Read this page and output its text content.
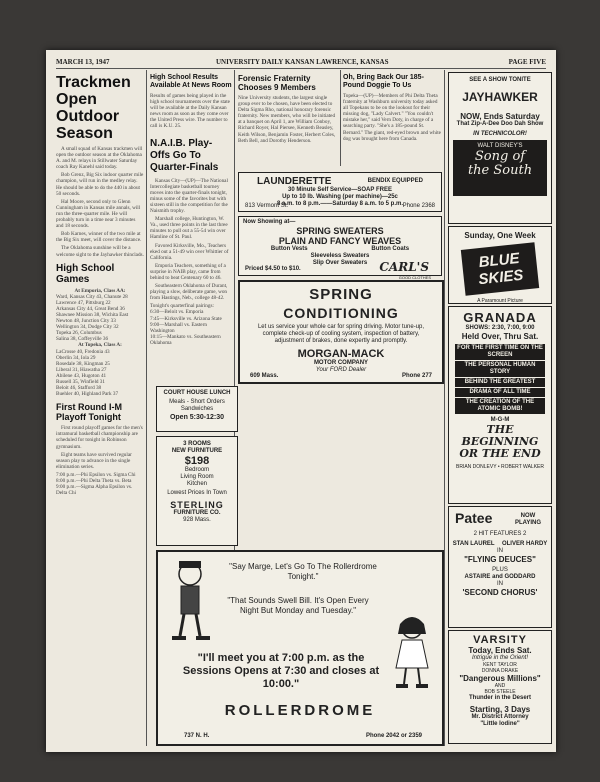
MARCH 13, 1947	UNIVERSITY DAILY KANSAN LAWRENCE, KANSAS	PAGE FIVE
Trackmen Open Outdoor Season

A small squad of Kansas trackmen will open the outdoor season at the Oklahoma A. and M. relays in Stillwater Saturday coach Ray Kanehl said today.

Bob Grenz, Big Six indoor quarter mile champion, will run in the medley relay. He should be able to do the 440 in about 50 seconds.

Hal Moore, second only to Glenn Cunningham in Kansas mile annals, will run the three-quarter mile. He will probably turn in a time near 3 minutes and 18 seconds.

Bob Karnes, winner of the two mile at the Big Six meet, will cover the distance.

The Oklahoma sunshine will be a welcome sight to the Jayhawker thinclads.

High School Games
At Emporia, Class AA:
Ward, Kansas City 43, Chanute 28
Lawrence 47, Pittsburg 22
Arkansas City 44, Great Bend 36
Shawnee Mission 38, Wichita East
Newton 48, Junction City 33
Wellington 34, Dodge City 32
Topeka 26, Columbus
Salina 38, Coffeyville 36
At Topeka, Class A:
LaCrosse 40, Fredonia 43
Oberlin 34, Iola 29
Rosedale 38, Kingman 25
Liberal 31, Hiawatha 27
Abilene 43, Hugoton 41
Russell 35, Winfield 31
Beloit 46, Stafford 38
Buehler 40, Highland Park 37
First Round I-M Playoff Tonight

First round playoff games for the men's intramural basketball championship are scheduled for tonight in Robinson gymnasium.

Eight teams have survived regular season play to advance in the single elimination series.

7:00 p.m.—Phi Epsilon vs. Sigma Chi
8:00 p.m.—Phi Delta Theta vs. Beta
9:00 p.m.—Sigma Alpha Epsilon vs. Delta Chi
High School Results Available At News Room
Results of games being played in the high school tournaments over the state will be available at the Daily Kansan news room as soon as they come over the United Press wire. The number to call is K.U. 25.
N.A.I.B. Play-Offs Go To Quarter-Finals

Kansas City—(UP)—The National Intercollegiate basketball tourney moves into the quarter-finals tonight, minus some of the favorites but with sixteen still in the competition for the Naismith trophy.

Marshall college, Huntington, W. Va., used three points in the last three minutes to pull out a 55-54 win over Hamline of St. Paul.

Favored Kirksville, Mo., Teachers eked out a 51-49 win over Whittier of California.

Emporia Teachers, something of a surprise in NAIB play, came from behind to beat Centenary 60 to 46.

Southeastern Oklahoma of Durant, playing a slow, deliberate game, won from Hastings, Neb., college 48-42.

Tonight's quarterfinal pairings:
6:30—Beloit vs. Emporia
7:45—Kirksville vs. Arizona State
9:00—Marshall vs. Eastern Washington
10:15—Mankato vs. Southeastern Oklahoma
Forensic Fraternity Chooses 9 Members
Nine University students, the largest single group ever to be chosen, have been elected to Delta Sigma Rho, national honorary forensic fraternity. New members, who will be initiated at a banquet on April 1, are William Conboy, Richard Royer, Hal Piersee, Kenneth Beasley, Keith Wilson, Benjamin Foster, Herbert Coles, Beth Bell, and Dorothy Henderson.
Oh, Bring Back Our 185-Pound Doggie To Us
Topeka—(UP)—Members of Phi Delta Theta fraternity at Washburn university today asked all Topekans to be on the lookout for their missing dog, "Lady Calvert." "You couldn't mistake her," said Vern Doty, in charge of a searching party. "She's a 185-pound St. Bernard." The giant, red-eyed brown and white dog was brought here from Canada.
LAUNDERETTE	BENDIX EQUIPPED
30 Minute Self Service—SOAP FREE
Up to 10 lb. Washing (per machine)—25c
8 a.m. to 8 p.m.——Saturday 8 a.m. to 5 p.m.
813 Vermont St.	Phone 2368
Now Showing at—
SPRING SWEATERS
PLAIN AND FANCY WEAVES
Button Vests	Button Coats
Sleeveless Sweaters
Slip Over Sweaters
Priced $4.50 to $10.	CARL'S
GOOD CLOTHES
SPRING
CONDITIONING
Let us service your whole car for spring driving. Motor tune-up, complete check-up of cooling system, inspection of battery, adjustment of brakes, done expertly and promptly.
MORGAN-MACK
MOTOR COMPANY
Your FORD Dealer
609 Mass.	Phone 277
COURT HOUSE LUNCH
Meals - Short Orders
Sandwiches
Open 5:30-12:30
3 ROOMS
NEW FURNITURE
$198
Bedroom
Living Room
Kitchen
Lowest Prices In Town
STERLING
FURNITURE CO.
928 Mass.
"Say Marge, Let's Go To The Rollerdrome Tonight."
"That Sounds Swell Bill. It's Open Every Night But Monday and Tuesday."
"I'll meet you at 7:00 p.m. as the Sessions Opens at 7:30 and closes at 10:00."
ROLLERDROME
737 N. H.	Phone 2042 or 2359
SEE A SHOW TONITE
JAYHAWKER
NOW, Ends Saturday
That Zip-A-Dee Doo Dah Show
IN TECHNICOLOR!
WALT DISNEY'S
Song of
the South
Sunday, One Week
BLUE SKIES
A Paramount Picture
GRANADA
SHOWS: 2:30, 7:00, 9:00
Held Over, Thru Sat.
FOR THE FIRST TIME ON THE SCREEN
THE PERSONAL HUMAN STORY
BEHIND THE GREATEST
DRAMA OF ALL TIME
THE CREATION OF THE ATOMIC BOMB!
M-G-M
THE BEGINNING OR THE END
BRIAN DONLEVY • ROBERT WALKER
Patee	NOW PLAYING
2 HIT FEATURES 2
STAN LAUREL OLIVER HARDY
IN
"FLYING DEUCES"
PLUS
ASTAIRE and GODDARD
IN
'SECOND CHORUS'
VARSITY
Today, Ends Sat.
Intrigue in the Orient!
KENT TAYLOR
DONNA DRAKE
"Dangerous Millions"
AND
BOB STEELE
Thunder in the Desert
Starting, 3 Days
Mr. District Attorney
"Little Iodine"
